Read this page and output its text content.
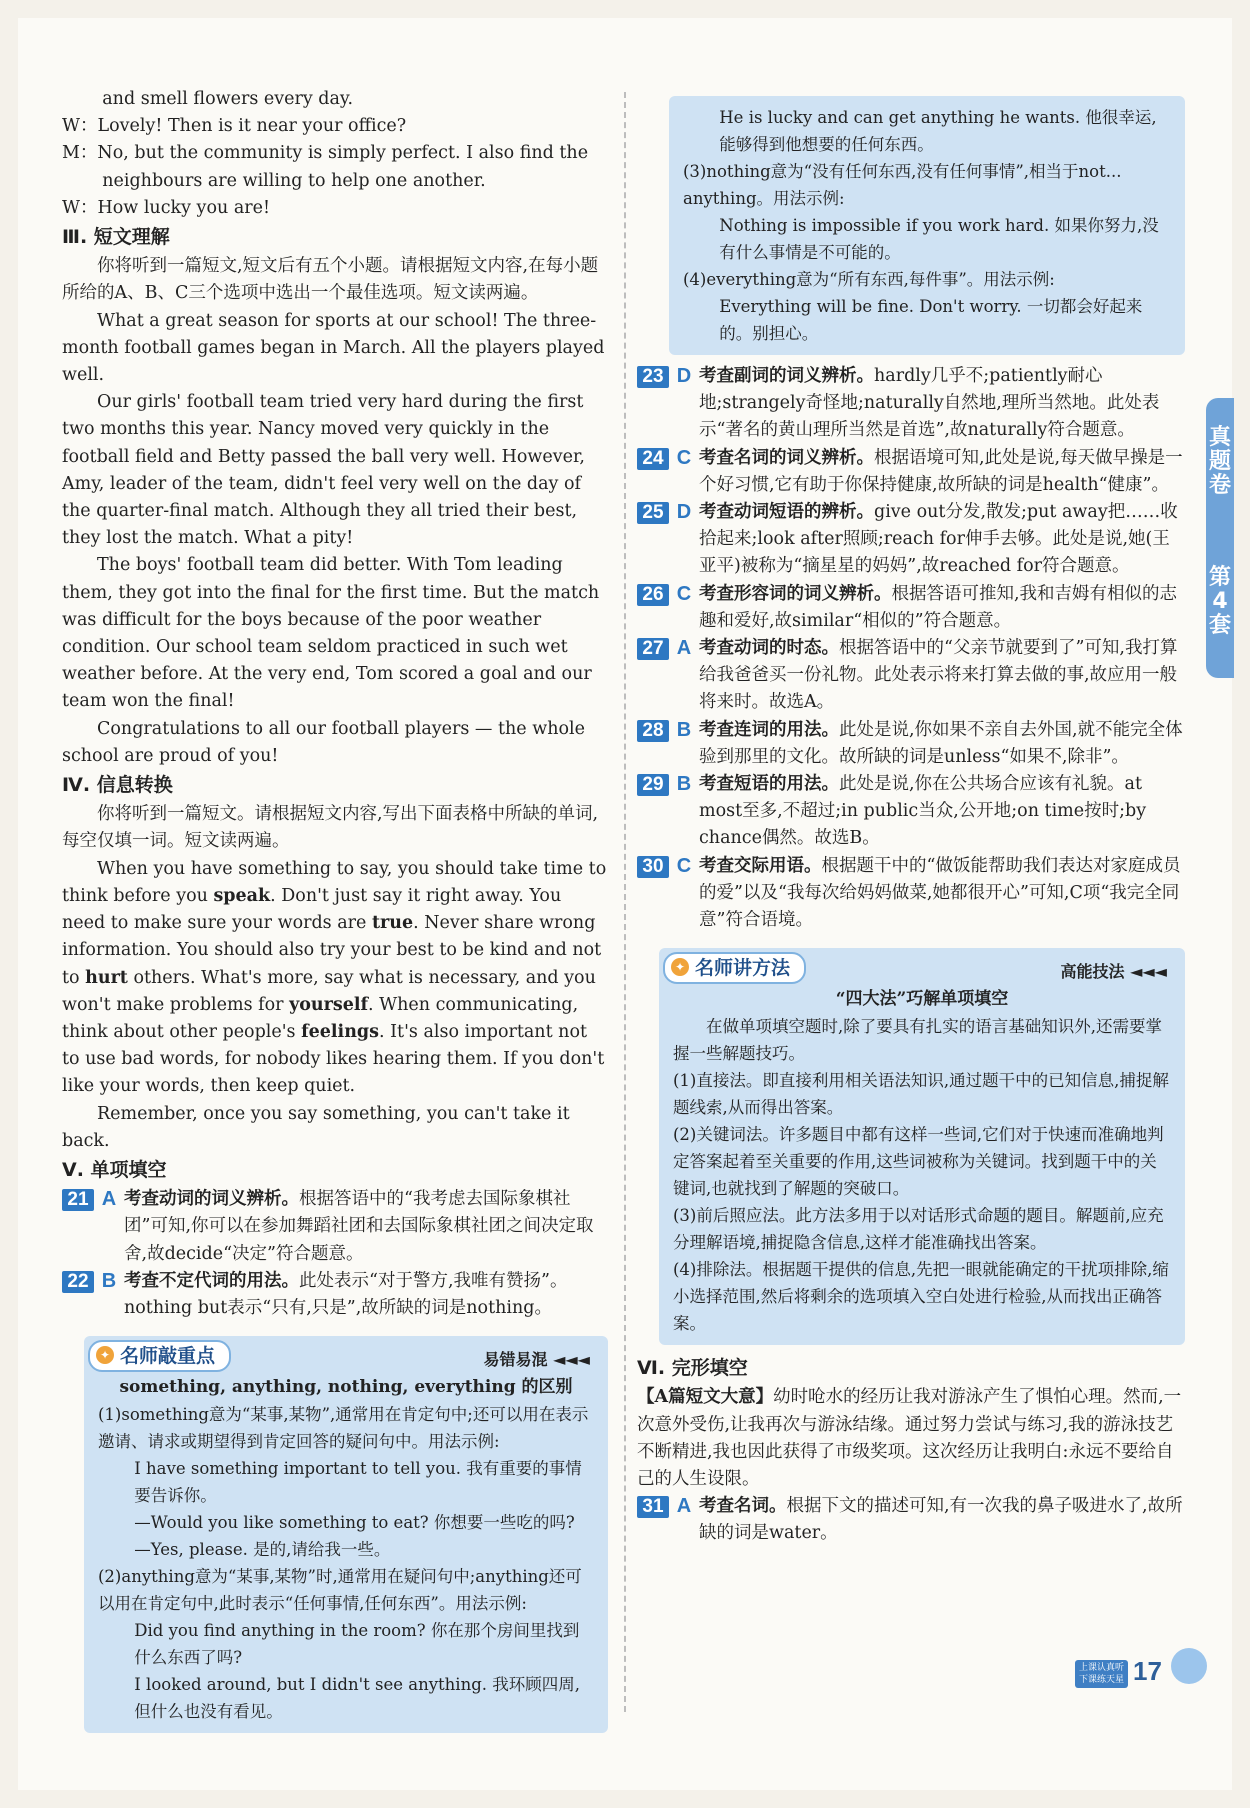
and smell flowers every day.

W：Lovely! Then is it near your office?

M：No, but the community is simply perfect. I also find the neighbours are willing to help one another.

W：How lucky you are!

Ⅲ. 短文理解

你将听到一篇短文,短文后有五个小题。请根据短文内容,在每小题所给的A、B、C三个选项中选出一个最佳选项。短文读两遍。

What a great season for sports at our school! The three-month football games began in March. All the players played well.

Our girls' football team tried very hard during the first two months this year. Nancy moved very quickly in the football field and Betty passed the ball very well. However, Amy, leader of the team, didn't feel very well on the day of the quarter-final match. Although they all tried their best, they lost the match. What a pity!

The boys' football team did better. With Tom leading them, they got into the final for the first time. But the match was difficult for the boys because of the poor weather condition. Our school team seldom practiced in such wet weather before. At the very end, Tom scored a goal and our team won the final!

Congratulations to all our football players — the whole school are proud of you!

Ⅳ. 信息转换

你将听到一篇短文。请根据短文内容,写出下面表格中所缺的单词,每空仅填一词。短文读两遍。

When you have something to say, you should take time to think before you speak. Don't just say it right away. You need to make sure your words are true. Never share wrong information. You should also try your best to be kind and not to hurt others. What's more, say what is necessary, and you won't make problems for yourself. When communicating, think about other people's feelings. It's also important not to use bad words, for nobody likes hearing them. If you don't like your words, then keep quiet.

Remember, once you say something, you can't take it back.

Ⅴ. 单项填空
21 A 考查动词的词义辨析。根据答语中的“我考虑去国际象棋社团”可知,你可以在参加舞蹈社团和去国际象棋社团之间决定取舍,故decide“决定”符合题意。
22 B 考查不定代词的用法。此处表示“对于警方,我唯有赞扬”。nothing but表示“只有,只是”,故所缺的词是nothing。
✦ 名师敲重点	易错易混 ◄◄◄
something, anything, nothing, everything 的区别

(1)something意为“某事,某物”,通常用在肯定句中;还可以用在表示邀请、请求或期望得到肯定回答的疑问句中。用法示例:

I have something important to tell you. 我有重要的事情要告诉你。

—Would you like something to eat? 你想要一些吃的吗?

—Yes, please. 是的,请给我一些。

(2)anything意为“某事,某物”时,通常用在疑问句中;anything还可以用在肯定句中,此时表示“任何事情,任何东西”。用法示例:

Did you find anything in the room? 你在那个房间里找到什么东西了吗?

I looked around, but I didn't see anything. 我环顾四周,但什么也没有看见。

He is lucky and can get anything he wants. 他很幸运,能够得到他想要的任何东西。

(3)nothing意为“没有任何东西,没有任何事情”,相当于not... anything。用法示例:

Nothing is impossible if you work hard. 如果你努力,没有什么事情是不可能的。

(4)everything意为“所有东西,每件事”。用法示例:

Everything will be fine. Don't worry. 一切都会好起来的。别担心。

23 D 考查副词的词义辨析。hardly几乎不;patiently耐心地;strangely奇怪地;naturally自然地,理所当然地。此处表示“著名的黄山理所当然是首选”,故naturally符合题意。
24 C 考查名词的词义辨析。根据语境可知,此处是说,每天做早操是一个好习惯,它有助于你保持健康,故所缺的词是health“健康”。
25 D 考查动词短语的辨析。give out分发,散发;put away把……收拾起来;look after照顾;reach for伸手去够。此处是说,她(王亚平)被称为“摘星星的妈妈”,故reached for符合题意。
26 C 考查形容词的词义辨析。根据答语可推知,我和吉姆有相似的志趣和爱好,故similar“相似的”符合题意。
27 A 考查动词的时态。根据答语中的“父亲节就要到了”可知,我打算给我爸爸买一份礼物。此处表示将来打算去做的事,故应用一般将来时。故选A。
28 B 考查连词的用法。此处是说,你如果不亲自去外国,就不能完全体验到那里的文化。故所缺的词是unless“如果不,除非”。
29 B 考查短语的用法。此处是说,你在公共场合应该有礼貌。at most至多,不超过;in public当众,公开地;on time按时;by chance偶然。故选B。
30 C 考查交际用语。根据题干中的“做饭能帮助我们表达对家庭成员的爱”以及“我每次给妈妈做菜,她都很开心”可知,C项“我完全同意”符合语境。
✦ 名师讲方法	高能技法 ◄◄◄
“四大法”巧解单项填空

在做单项填空题时,除了要具有扎实的语言基础知识外,还需要掌握一些解题技巧。

(1)直接法。即直接利用相关语法知识,通过题干中的已知信息,捕捉解题线索,从而得出答案。

(2)关键词法。许多题目中都有这样一些词,它们对于快速而准确地判定答案起着至关重要的作用,这些词被称为关键词。找到题干中的关键词,也就找到了解题的突破口。

(3)前后照应法。此方法多用于以对话形式命题的题目。解题前,应充分理解语境,捕捉隐含信息,这样才能准确找出答案。

(4)排除法。根据题干提供的信息,先把一眼就能确定的干扰项排除,缩小选择范围,然后将剩余的选项填入空白处进行检验,从而找出正确答案。

Ⅵ. 完形填空

【A篇短文大意】幼时呛水的经历让我对游泳产生了惧怕心理。然而,一次意外受伤,让我再次与游泳结缘。通过努力尝试与练习,我的游泳技艺不断精进,我也因此获得了市级奖项。这次经历让我明白:永远不要给自己的人生设限。

31 A 考查名词。根据下文的描述可知,有一次我的鼻子吸进水了,故所缺的词是water。
真题卷
第4套
上课认真听
下课练天星 17
